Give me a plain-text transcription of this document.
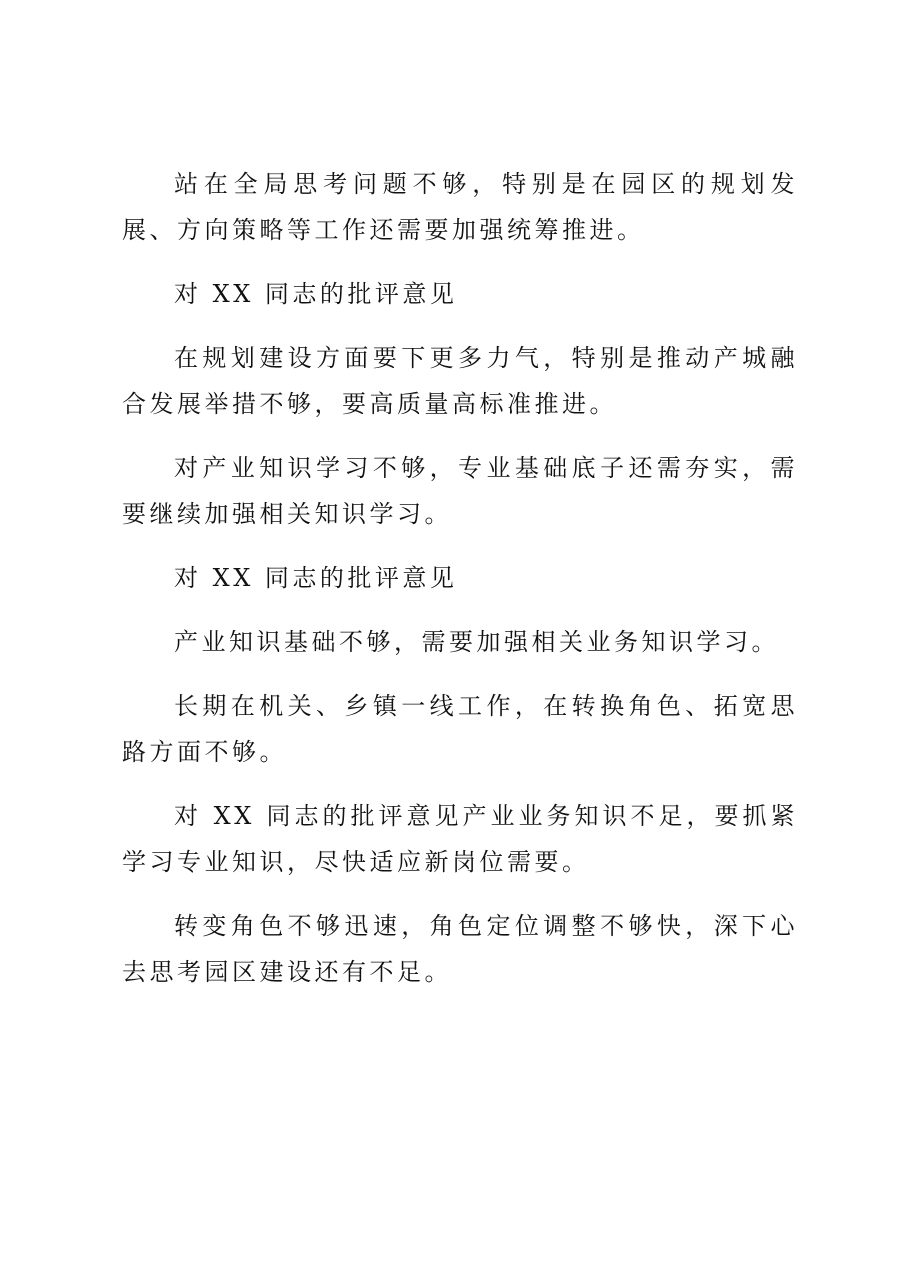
站在全局思考问题不够，特别是在园区的规划发展、方向策略等工作还需要加强统筹推进。

对 XX 同志的批评意见

在规划建设方面要下更多力气，特别是推动产城融合发展举措不够，要高质量高标准推进。

对产业知识学习不够，专业基础底子还需夯实，需要继续加强相关知识学习。

对 XX 同志的批评意见

产业知识基础不够，需要加强相关业务知识学习。

长期在机关、乡镇一线工作，在转换角色、拓宽思路方面不够。

对 XX 同志的批评意见产业业务知识不足，要抓紧学习专业知识，尽快适应新岗位需要。

转变角色不够迅速，角色定位调整不够快，深下心去思考园区建设还有不足。
